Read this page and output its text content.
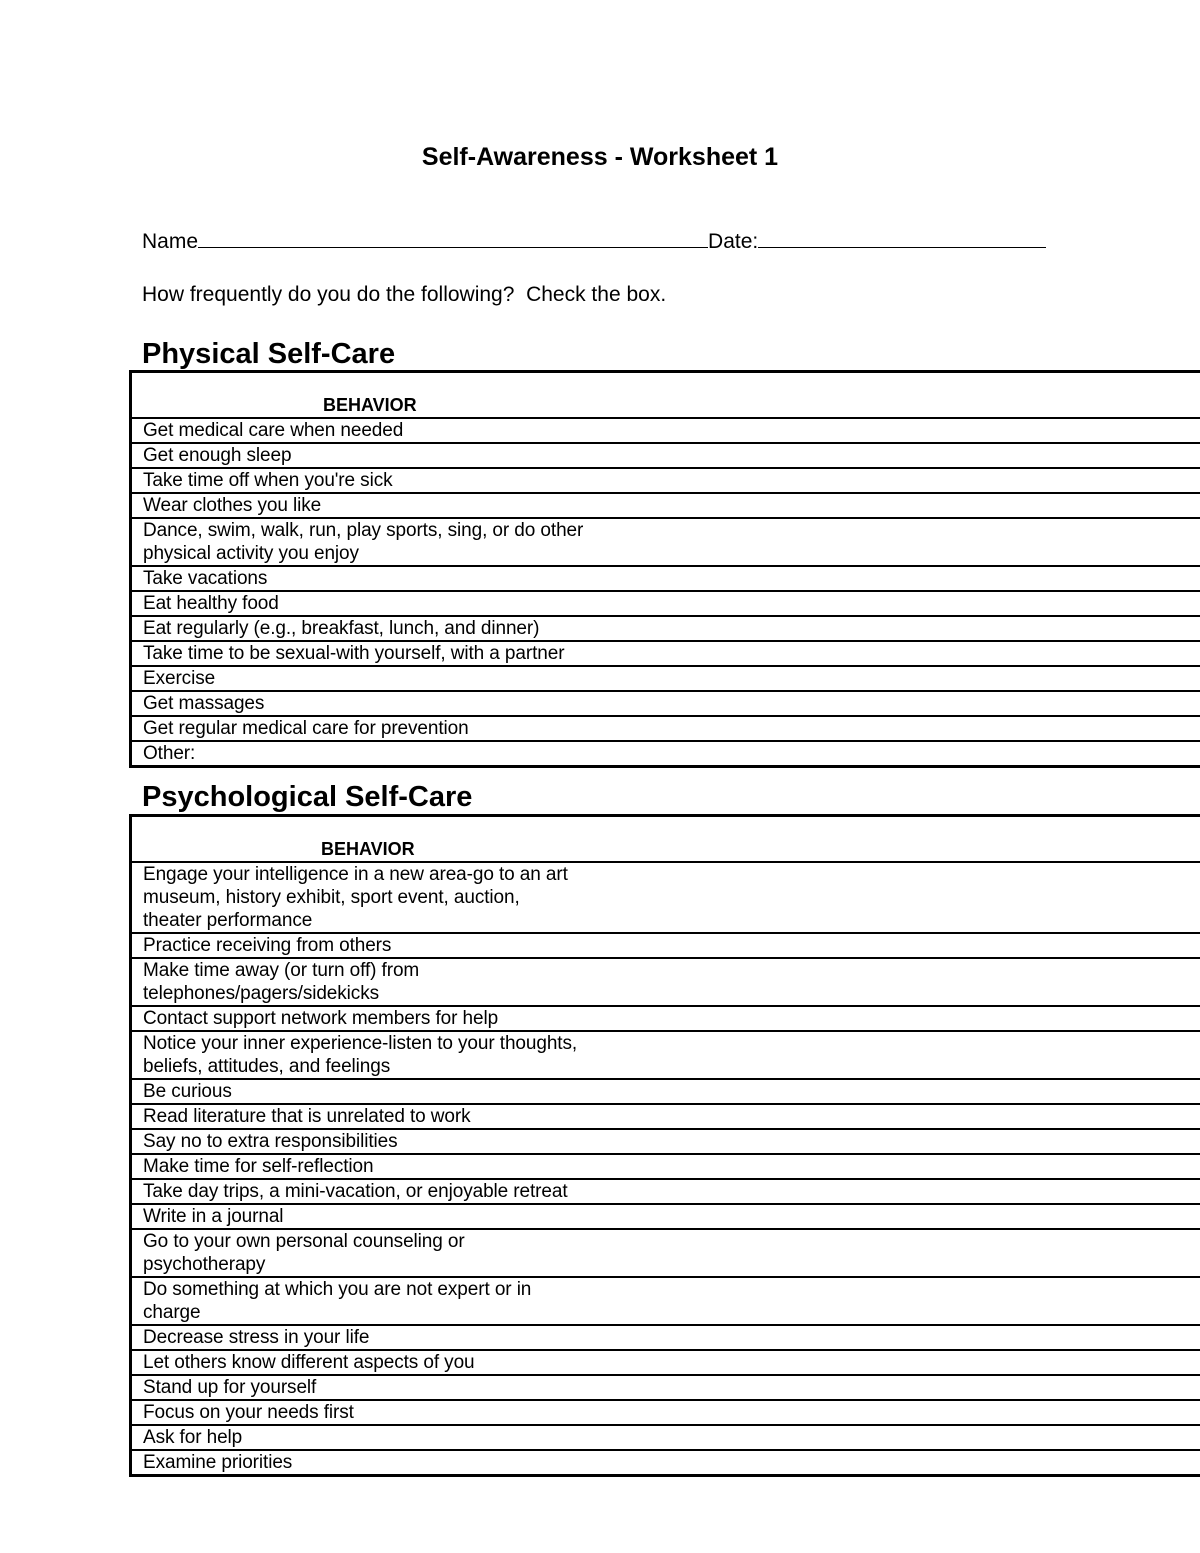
Self-Awareness - Worksheet 1
Name	Date:
How frequently do you do the following?  Check the box.
Physical Self-Care
BEHAVIOR
Get medical care when needed
Get enough sleep
Take time off when you're sick
Wear clothes you like
Dance, swim, walk, run, play sports, sing, or do other
physical activity you enjoy
Take vacations
Eat healthy food
Eat regularly (e.g., breakfast, lunch, and dinner)
Take time to be sexual-with yourself, with a partner
Exercise
Get massages
Get regular medical care for prevention
Other:
Psychological Self-Care
BEHAVIOR
Engage your intelligence in a new area-go to an art
museum, history exhibit, sport event, auction,
theater performance
Practice receiving from others
Make time away (or turn off) from
telephones/pagers/sidekicks
Contact support network members for help
Notice your inner experience-listen to your thoughts,
beliefs, attitudes, and feelings
Be curious
Read literature that is unrelated to work
Say no to extra responsibilities
Make time for self-reflection
Take day trips, a mini-vacation, or enjoyable retreat
Write in a journal
Go to your own personal counseling or
psychotherapy
Do something at which you are not expert or in
charge
Decrease stress in your life
Let others know different aspects of you
Stand up for yourself
Focus on your needs first
Ask for help
Examine priorities
